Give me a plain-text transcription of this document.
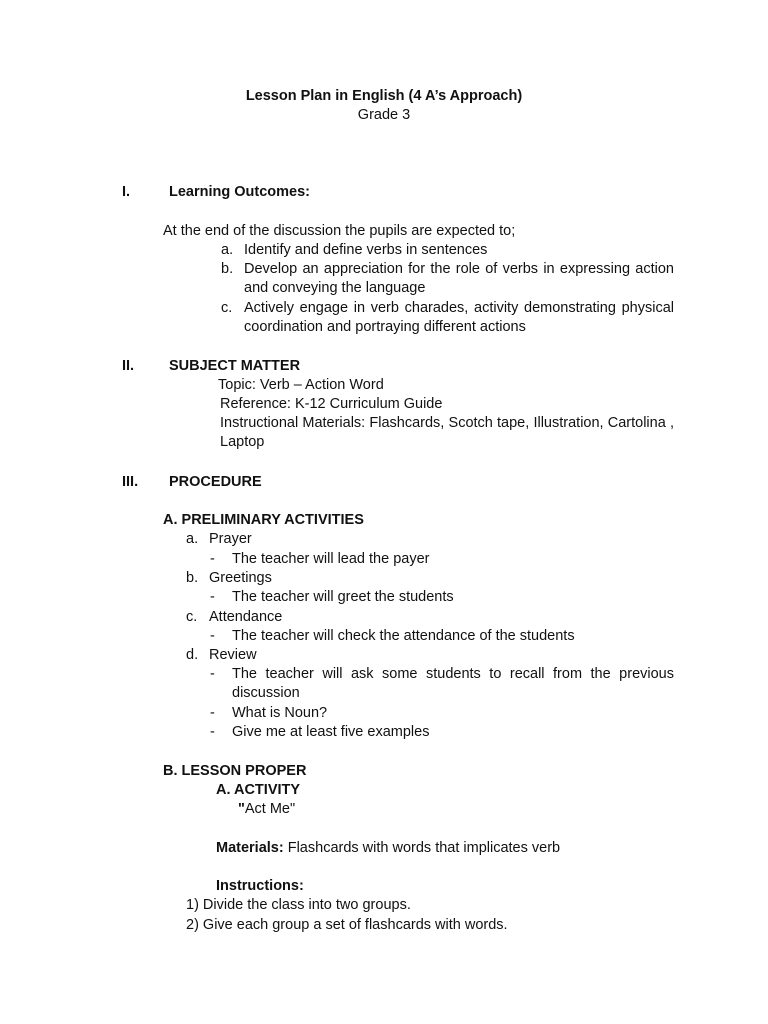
Lesson Plan in English (4 A’s Approach)
Grade 3
I.	Learning Outcomes:
At the end of the discussion the pupils are expected to;
a. Identify and define verbs in sentences
b. Develop an appreciation for the role of verbs in expressing action and conveying the language
c. Actively engage in verb charades, activity demonstrating physical coordination and portraying different actions
II. SUBJECT MATTER
Topic: Verb – Action Word
Reference: K-12 Curriculum Guide
Instructional Materials: Flashcards, Scotch tape, Illustration, Cartolina , Laptop
III. PROCEDURE
A. PRELIMINARY ACTIVITIES
a. Prayer
- The teacher will lead the payer
b. Greetings
- The teacher will greet the students
c. Attendance
- The teacher will check the attendance of the students
d. Review
- The teacher will ask some students to recall from the previous discussion
- What is Noun?
- Give me at least five examples
B. LESSON PROPER
A. ACTIVITY
"Act Me"
Materials: Flashcards with words that implicates verb
Instructions:
1) Divide the class into two groups.
2) Give each group a set of flashcards with words.
